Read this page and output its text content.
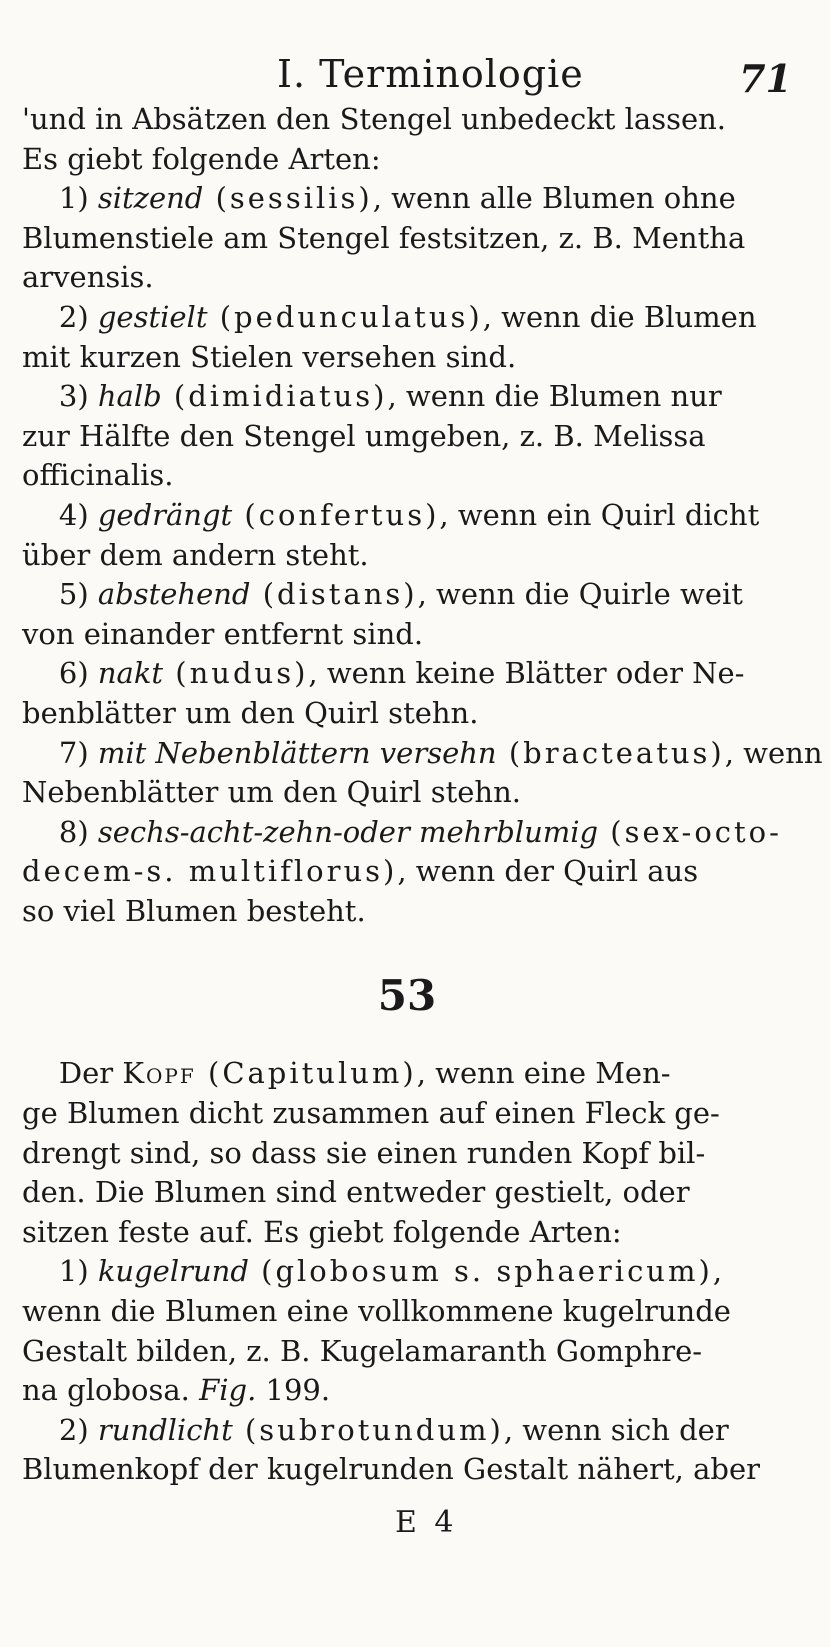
I. Terminologie	71
'und in Absätzen den Stengel unbedeckt lassen.
Es giebt folgende Arten:
1) sitzend (sessilis), wenn alle Blumen ohne
Blumenstiele am Stengel festsitzen, z. B. Mentha
arvensis.
2) gestielt (pedunculatus), wenn die Blumen
mit kurzen Stielen versehen sind.
3) halb (dimidiatus), wenn die Blumen nur
zur Hälfte den Stengel umgeben, z. B. Melissa
officinalis.
4) gedrängt (confertus), wenn ein Quirl dicht
über dem andern steht.
5) abstehend (distans), wenn die Quirle weit
von einander entfernt sind.
6) nakt (nudus), wenn keine Blätter oder Ne-
benblätter um den Quirl stehn.
7) mit Nebenblättern versehn (bracteatus), wenn
Nebenblätter um den Quirl stehn.
8) sechs-acht-zehn-oder mehrblumig (sex-octo-
decem-s. multiflorus), wenn der Quirl aus
so viel Blumen besteht.
53
Der Kopf (Capitulum), wenn eine Men-
ge Blumen dicht zusammen auf einen Fleck ge-
drengt sind, so dass sie einen runden Kopf bil-
den. Die Blumen sind entweder gestielt, oder
sitzen feste auf. Es giebt folgende Arten:
1) kugelrund (globosum s. sphaericum),
wenn die Blumen eine vollkommene kugelrunde
Gestalt bilden, z. B. Kugelamaranth Gomphre-
na globosa. Fig. 199.
2) rundlicht (subrotundum), wenn sich der
Blumenkopf der kugelrunden Gestalt nähert, aber
E 4
